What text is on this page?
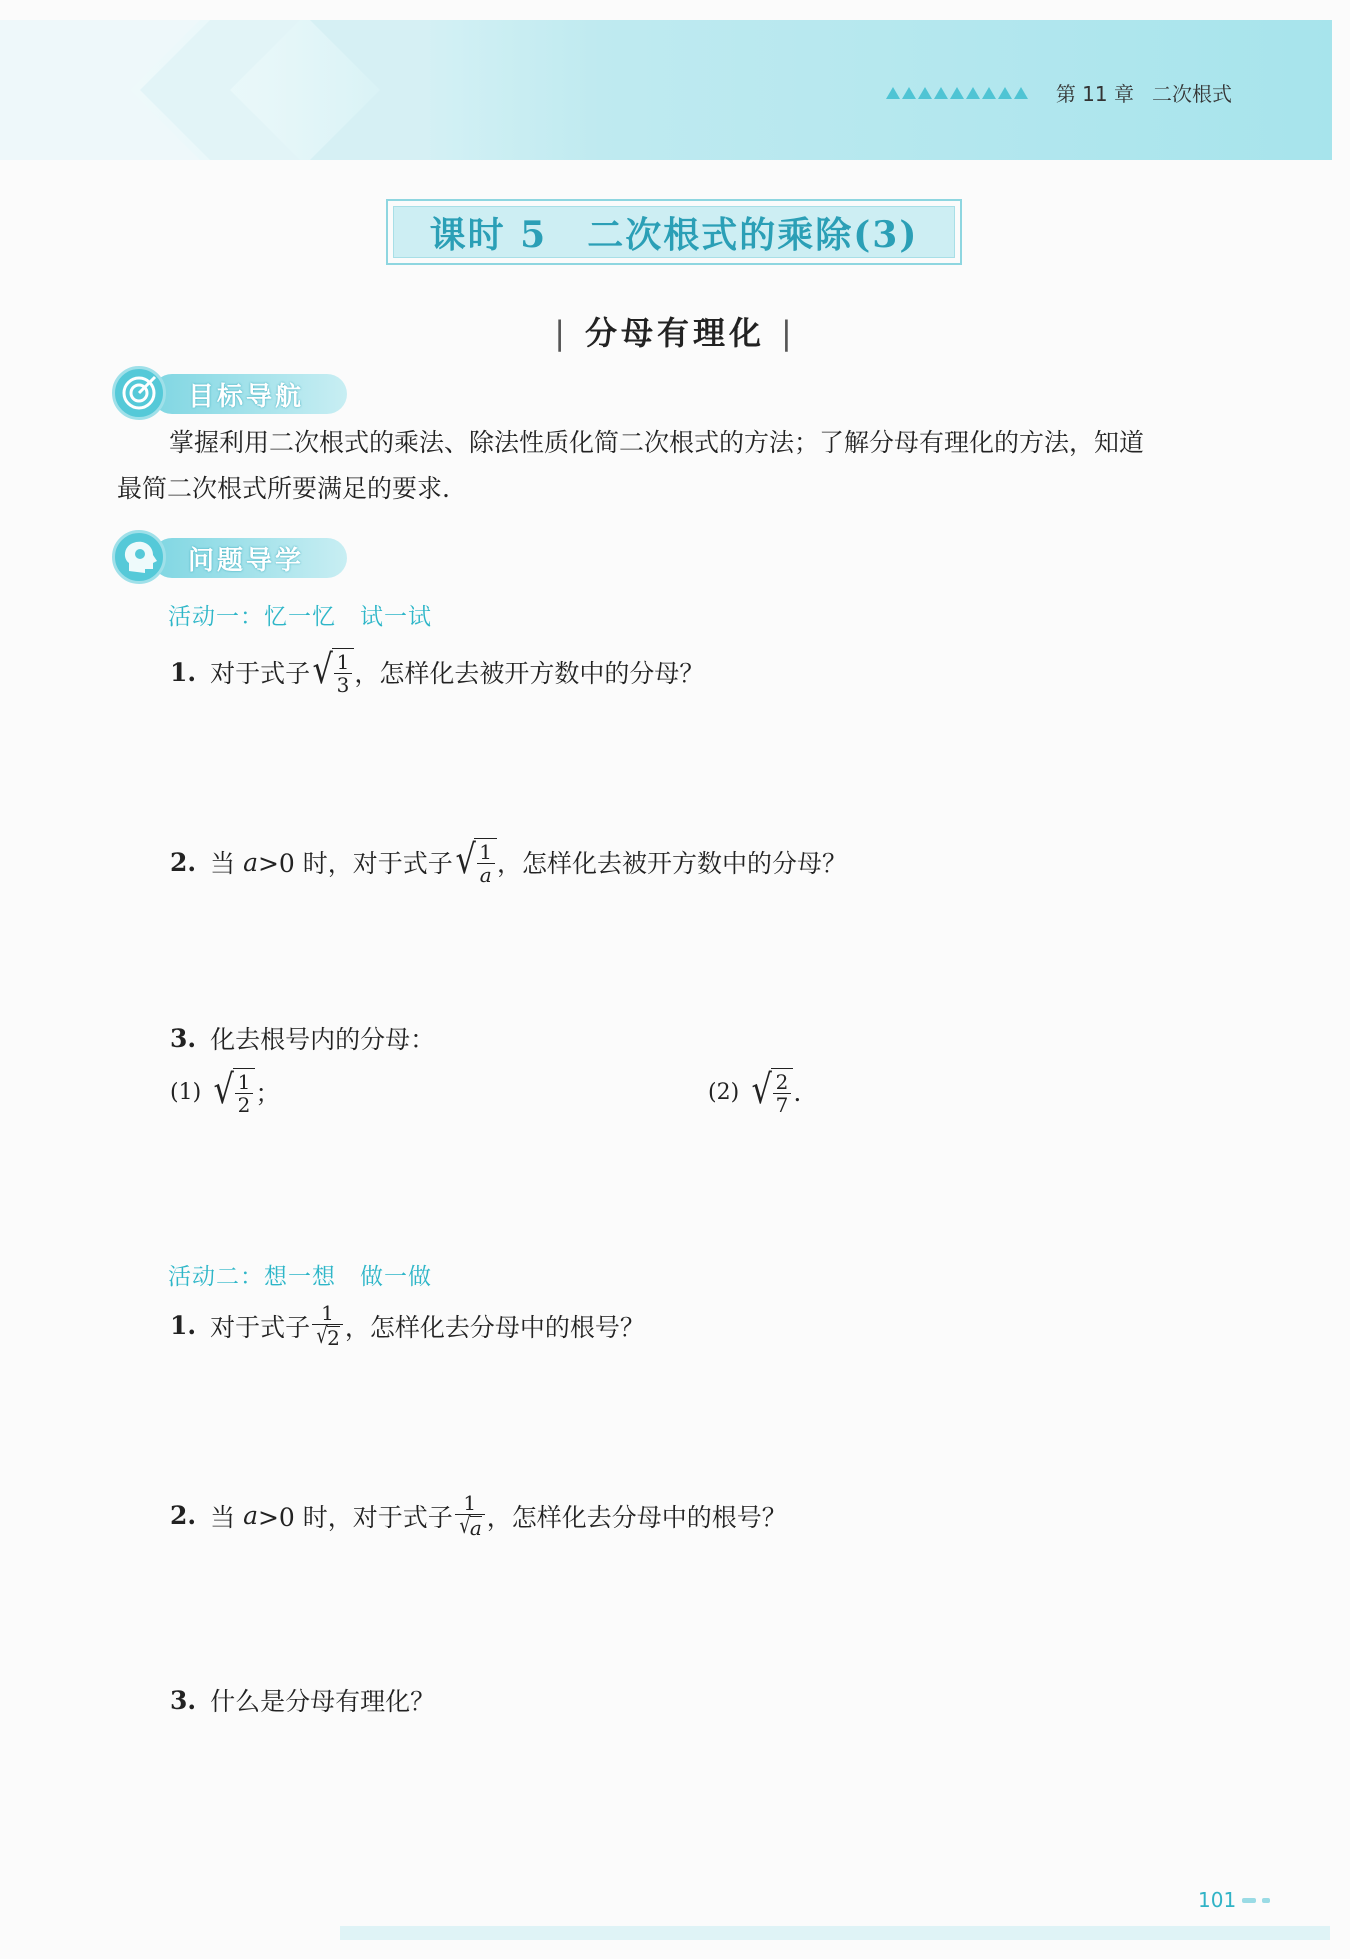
第 11 章 二次根式
课时 5 二次根式的乘除(3)
| 分母有理化 |
目标导航
掌握利用二次根式的乘法、除法性质化简二次根式的方法；了解分母有理化的方法，知道
最简二次根式所要满足的要求.
问题导学
活动一：忆一忆　试一试
1. 对于式子 √ $\frac{1}{3}$ ，怎样化去被开方数中的分母？
2. 当
a >0 时，对于式子 √ $\frac{1}{a}$ ，怎样化去被开方数中的分母？
3. 化去根号内的分母：
(1) √ $\frac{1}{2}$ ；	(2) √ $\frac{2}{7}$ .
活动二：想一想　做一做
1. 对于式子 $\frac{1}{√ 2}$ ，怎样化去分母中的根号？
2. 当
a >0 时，对于式子 $\frac{1}{√ a}$ ，怎样化去分母中的根号？
3. 什么是分母有理化？
101
